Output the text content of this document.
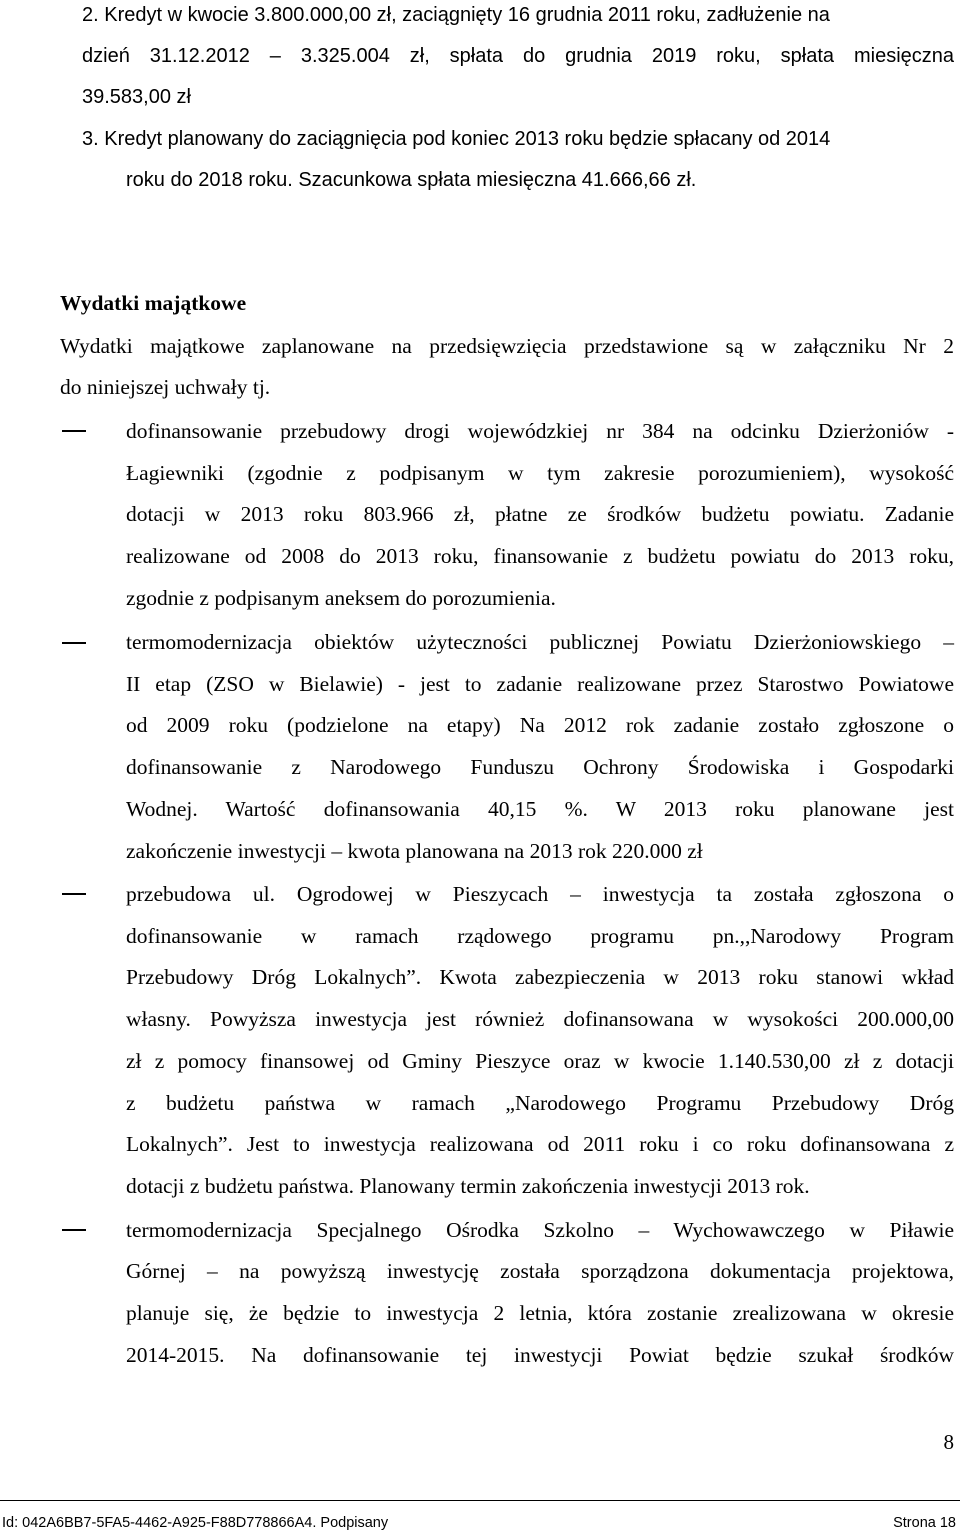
2. Kredyt w kwocie 3.800.000,00 zł, zaciągnięty 16 grudnia 2011 roku, zadłużenie na
dzień 31.12.2012 – 3.325.004 zł, spłata do grudnia 2019 roku, spłata miesięczna
39.583,00 zł
3. Kredyt planowany do zaciągnięcia pod koniec 2013 roku będzie spłacany od 2014
roku do 2018 roku. Szacunkowa spłata miesięczna 41.666,66 zł.
Wydatki majątkowe
Wydatki majątkowe zaplanowane na przedsięwzięcia przedstawione są w załączniku Nr 2
do niniejszej uchwały tj.
dofinansowanie przebudowy drogi wojewódzkiej nr 384 na odcinku Dzierżoniów -
Łagiewniki (zgodnie z podpisanym w tym zakresie porozumieniem), wysokość
dotacji w 2013 roku 803.966 zł, płatne ze środków budżetu powiatu. Zadanie
realizowane od 2008 do 2013 roku, finansowanie z budżetu powiatu do 2013 roku,
zgodnie z podpisanym aneksem do porozumienia.
termomodernizacja obiektów użyteczności publicznej Powiatu Dzierżoniowskiego –
II etap (ZSO w Bielawie) - jest to zadanie realizowane przez Starostwo Powiatowe
od 2009 roku (podzielone na etapy) Na 2012 rok zadanie zostało zgłoszone o
dofinansowanie z Narodowego Funduszu Ochrony Środowiska i Gospodarki
Wodnej. Wartość dofinansowania 40,15 %. W 2013 roku planowane jest
zakończenie inwestycji – kwota planowana na 2013 rok 220.000 zł
przebudowa ul. Ogrodowej w Pieszycach – inwestycja ta została zgłoszona o
dofinansowanie w ramach rządowego programu pn.,,Narodowy Program
Przebudowy Dróg Lokalnych”. Kwota zabezpieczenia w 2013 roku stanowi wkład
własny. Powyższa inwestycja jest również dofinansowana w wysokości 200.000,00
zł z pomocy finansowej od Gminy Pieszyce oraz w kwocie 1.140.530,00 zł z dotacji
z budżetu państwa w ramach „Narodowego Programu Przebudowy Dróg
Lokalnych”. Jest to inwestycja realizowana od 2011 roku i co roku dofinansowana z
dotacji z budżetu państwa. Planowany termin zakończenia inwestycji 2013 rok.
termomodernizacja Specjalnego Ośrodka Szkolno – Wychowawczego w Piławie
Górnej – na powyższą inwestycję została sporządzona dokumentacja projektowa,
planuje się, że będzie to inwestycja 2 letnia, która zostanie zrealizowana w okresie
2014-2015. Na dofinansowanie tej inwestycji Powiat będzie szukał środków
8
Id: 042A6BB7-5FA5-4462-A925-F88D778866A4. Podpisany	Strona 18
